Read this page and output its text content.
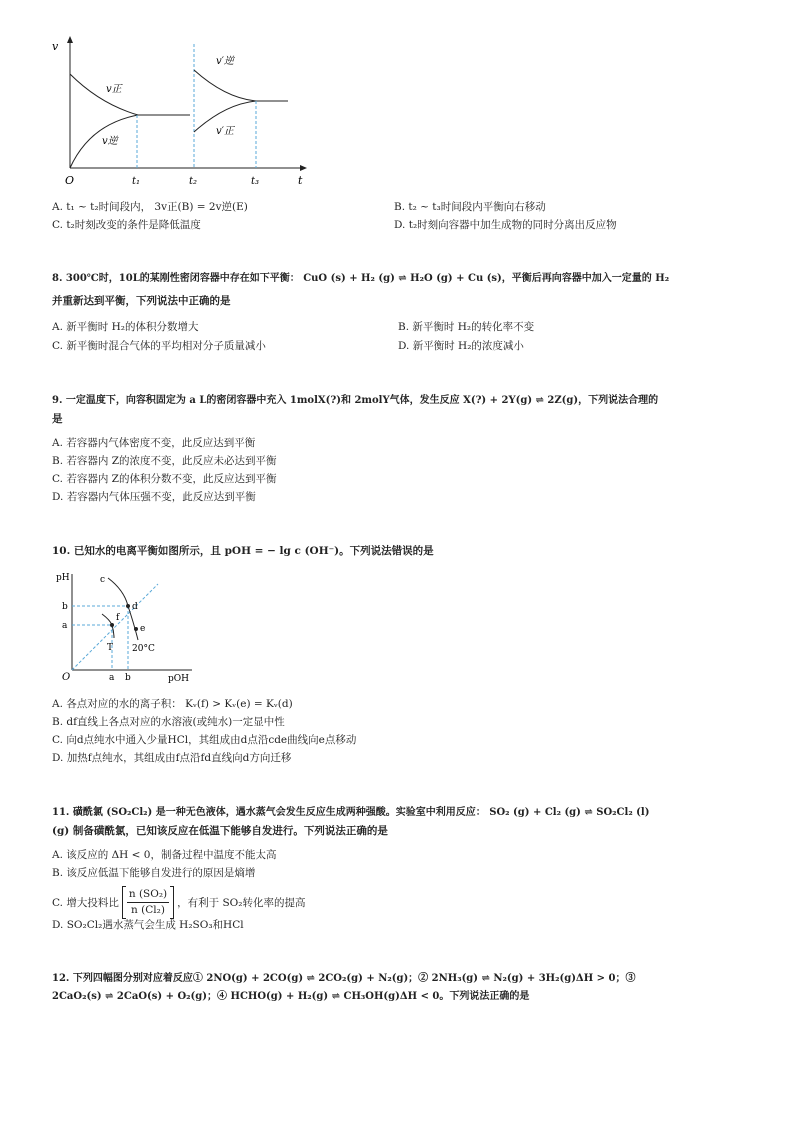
v
O	t
t₁	t₂	t₃
v正
v逆
v′逆
v′正
A. t₁ ~ t₂时间段内， 3v正(B) = 2v逆(E)	B. t₂ ~ t₃时间段内平衡向右移动
C. t₂时刻改变的条件是降低温度	D. t₂时刻向容器中加生成物的同时分离出反应物
8. 300℃时，10L的某刚性密闭容器中存在如下平衡： CuO (s) + H₂ (g) ⇌ H₂O (g) + Cu (s)，平衡后再向容器中加入一定量的 H₂
并重新达到平衡，下列说法中正确的是
A. 新平衡时 H₂的体积分数增大	B. 新平衡时 H₂的转化率不变
C. 新平衡时混合气体的平均相对分子质量减小	D. 新平衡时 H₂的浓度减小
9. 一定温度下，向容积固定为 a L的密闭容器中充入 1molX(?)和 2molY气体，发生反应 X(?) + 2Y(g) ⇌ 2Z(g)，下列说法合理的
是
A. 若容器内气体密度不变，此反应达到平衡
B. 若容器内 Z的浓度不变，此反应未必达到平衡
C. 若容器内 Z的体积分数不变，此反应达到平衡
D. 若容器内气体压强不变，此反应达到平衡
10. 已知水的电离平衡如图所示，且 pOH = − lg c (OH⁻)。下列说法错误的是
pH
pOH
O
b
a
a b
c
d
f
e
T 20°C
A. 各点对应的水的离子积： Kᵥ(f) > Kᵥ(e) = Kᵥ(d)
B. df直线上各点对应的水溶液(或纯水)一定显中性
C. 向d点纯水中通入少量HCl，其组成由d点沿cde曲线向e点移动
D. 加热f点纯水，其组成由f点沿fd直线向d方向迁移
11. 磺酰氯 (SO₂Cl₂) 是一种无色液体，遇水蒸气会发生反应生成两种强酸。实验室中利用反应： SO₂ (g) + Cl₂ (g) ⇌ SO₂Cl₂ (l)
(g) 制备磺酰氯，已知该反应在低温下能够自发进行。下列说法正确的是
A. 该反应的 ΔH < 0，制备过程中温度不能太高
B. 该反应低温下能够自发进行的原因是熵增
C. 增大投料比 $\frac{\text{n (SO₂)}}{\text{n (Cl₂)}}$ ，有利于 SO₂转化率的提高
D. SO₂Cl₂遇水蒸气会生成 H₂SO₃和HCl
12. 下列四幅图分别对应着反应① 2NO(g) + 2CO(g) ⇌ 2CO₂(g) + N₂(g)；② 2NH₃(g) ⇌ N₂(g) + 3H₂(g)ΔH > 0；③
2CaO₂(s) ⇌ 2CaO(s) + O₂(g)；④ HCHO(g) + H₂(g) ⇌ CH₃OH(g)ΔH < 0。下列说法正确的是
